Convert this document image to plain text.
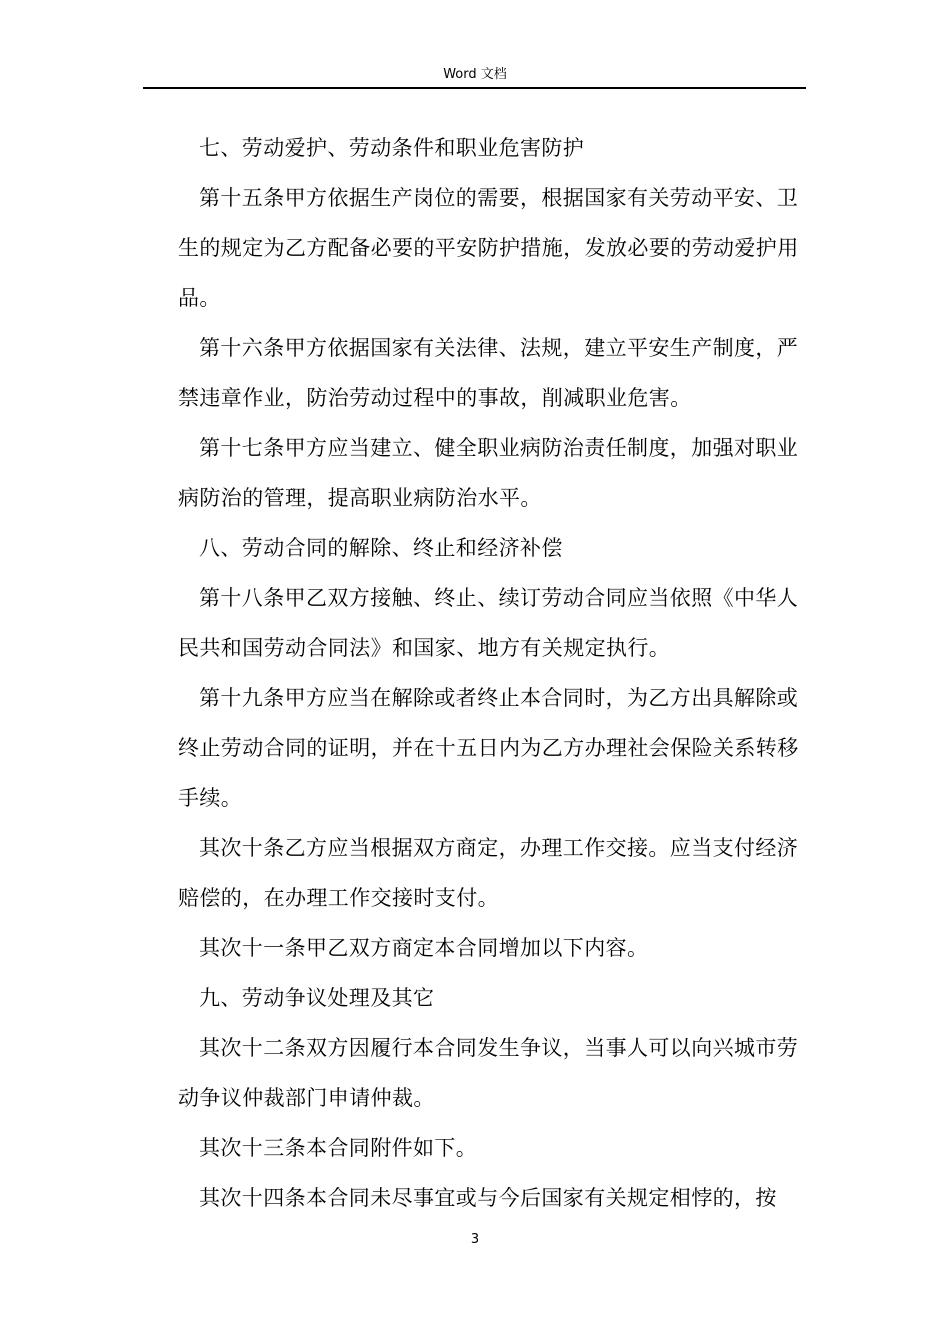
Word 文档

七、劳动爱护、劳动条件和职业危害防护

第十五条甲方依据生产岗位的需要，根据国家有关劳动平安、卫生的规定为乙方配备必要的平安防护措施，发放必要的劳动爱护用品。

第十六条甲方依据国家有关法律、法规，建立平安生产制度，严禁违章作业，防治劳动过程中的事故，削减职业危害。

第十七条甲方应当建立、健全职业病防治责任制度，加强对职业病防治的管理，提高职业病防治水平。

八、劳动合同的解除、终止和经济补偿

第十八条甲乙双方接触、终止、续订劳动合同应当依照《中华人民共和国劳动合同法》和国家、地方有关规定执行。

第十九条甲方应当在解除或者终止本合同时，为乙方出具解除或终止劳动合同的证明，并在十五日内为乙方办理社会保险关系转移手续。

其次十条乙方应当根据双方商定，办理工作交接。应当支付经济赔偿的，在办理工作交接时支付。

其次十一条甲乙双方商定本合同增加以下内容。

九、劳动争议处理及其它

其次十二条双方因履行本合同发生争议，当事人可以向兴城市劳动争议仲裁部门申请仲裁。

其次十三条本合同附件如下。

其次十四条本合同未尽事宜或与今后国家有关规定相悖的，按

3
